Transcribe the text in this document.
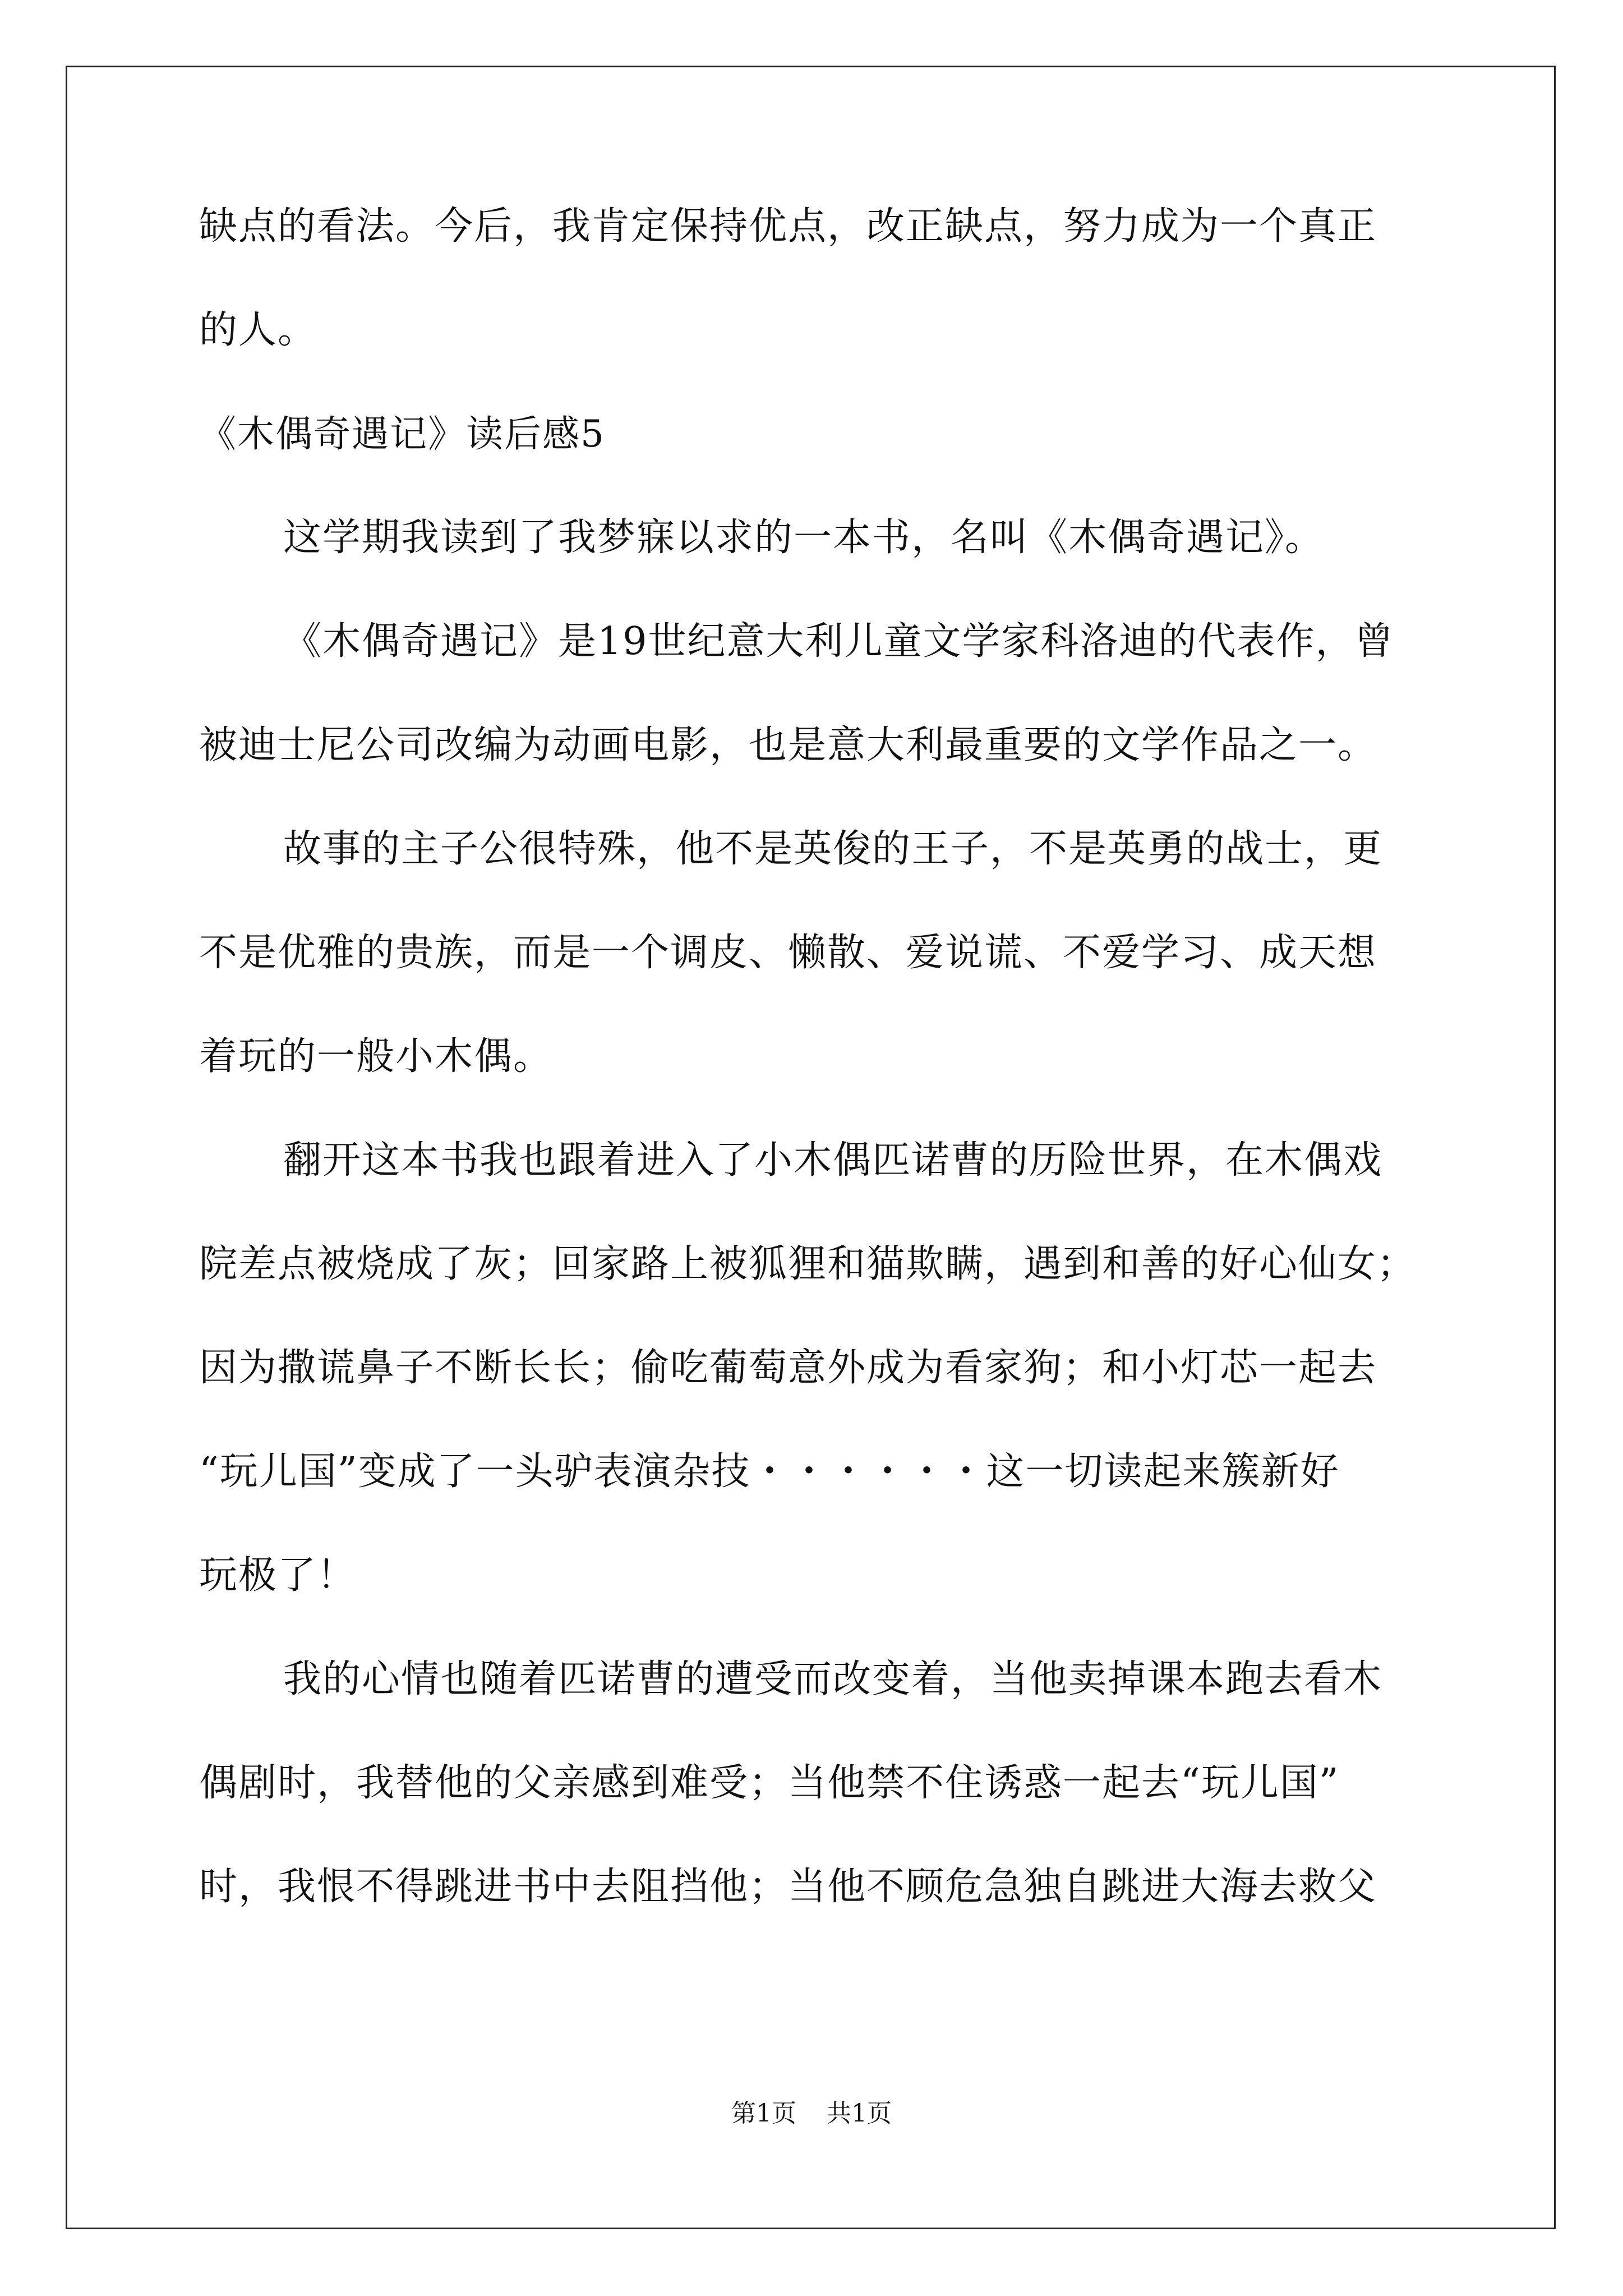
缺点的看法。今后，我肯定保持优点，改正缺点，努力成为一个真正
的人。
《木偶奇遇记》读后感5
这学期我读到了我梦寐以求的一本书，名叫《木偶奇遇记》。
《木偶奇遇记》是19世纪意大利儿童文学家科洛迪的代表作，曾
被迪士尼公司改编为动画电影，也是意大利最重要的文学作品之一。
故事的主子公很特殊，他不是英俊的王子，不是英勇的战士，更
不是优雅的贵族，而是一个调皮、懒散、爱说谎、不爱学习、成天想
着玩的一般小木偶。
翻开这本书我也跟着进入了小木偶匹诺曹的历险世界，在木偶戏
院差点被烧成了灰；回家路上被狐狸和猫欺瞒，遇到和善的好心仙女；
因为撒谎鼻子不断长长；偷吃葡萄意外成为看家狗；和小灯芯一起去
“玩儿国”变成了一头驴表演杂技・・・・・・这一切读起来簇新好
玩极了！
我的心情也随着匹诺曹的遭受而改变着，当他卖掉课本跑去看木
偶剧时，我替他的父亲感到难受；当他禁不住诱惑一起去“玩儿国”
时，我恨不得跳进书中去阻挡他；当他不顾危急独自跳进大海去救父
第1页 共1页
